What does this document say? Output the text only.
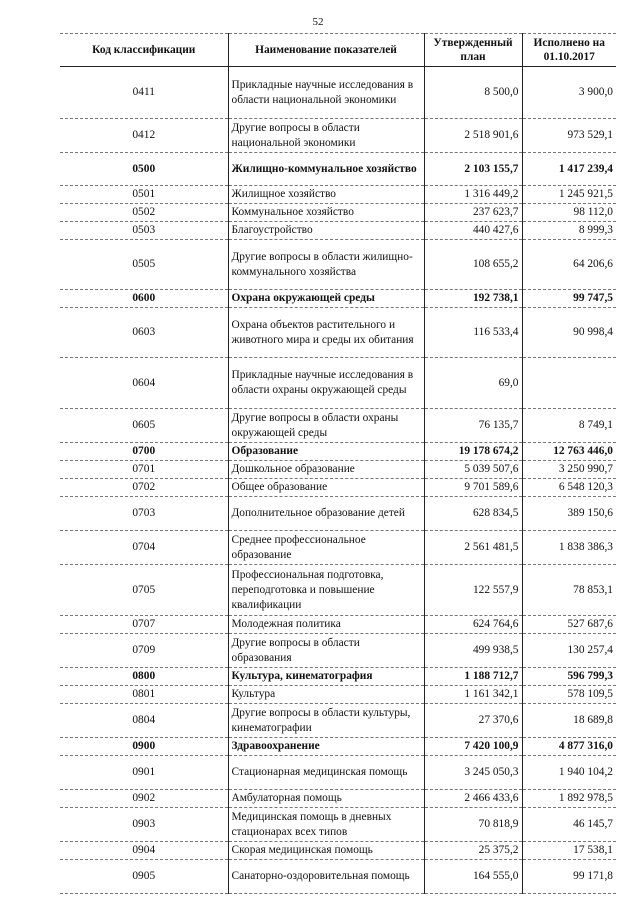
52
Код классификации	Наименование показателей	Утвержденный план	Исполнено на 01.10.2017
0411	Прикладные научные исследования в области национальной экономики	8 500,0	3 900,0
0412	Другие вопросы в области национальной экономики	2 518 901,6	973 529,1
0500	Жилищно-коммунальное хозяйство	2 103 155,7	1 417 239,4
0501	Жилищное хозяйство	1 316 449,2	1 245 921,5
0502	Коммунальное хозяйство	237 623,7	98 112,0
0503	Благоустройство	440 427,6	8 999,3
0505	Другие вопросы в области жилищно-коммунального хозяйства	108 655,2	64 206,6
0600	Охрана окружающей среды	192 738,1	99 747,5
0603	Охрана объектов растительного и животного мира и среды их обитания	116 533,4	90 998,4
0604	Прикладные научные исследования в области охраны окружающей среды	69,0	
0605	Другие вопросы в области охраны окружающей среды	76 135,7	8 749,1
0700	Образование	19 178 674,2	12 763 446,0
0701	Дошкольное образование	5 039 507,6	3 250 990,7
0702	Общее образование	9 701 589,6	6 548 120,3
0703	Дополнительное образование детей	628 834,5	389 150,6
0704	Среднее профессиональное образование	2 561 481,5	1 838 386,3
0705	Профессиональная подготовка, переподготовка и повышение квалификации	122 557,9	78 853,1
0707	Молодежная политика	624 764,6	527 687,6
0709	Другие вопросы в области образования	499 938,5	130 257,4
0800	Культура, кинематография	1 188 712,7	596 799,3
0801	Культура	1 161 342,1	578 109,5
0804	Другие вопросы в области культуры, кинематографии	27 370,6	18 689,8
0900	Здравоохранение	7 420 100,9	4 877 316,0
0901	Стационарная медицинская помощь	3 245 050,3	1 940 104,2
0902	Амбулаторная помощь	2 466 433,6	1 892 978,5
0903	Медицинская помощь в дневных стационарах всех типов	70 818,9	46 145,7
0904	Скорая медицинская помощь	25 375,2	17 538,1
0905	Санаторно-оздоровительная помощь	164 555,0	99 171,8
